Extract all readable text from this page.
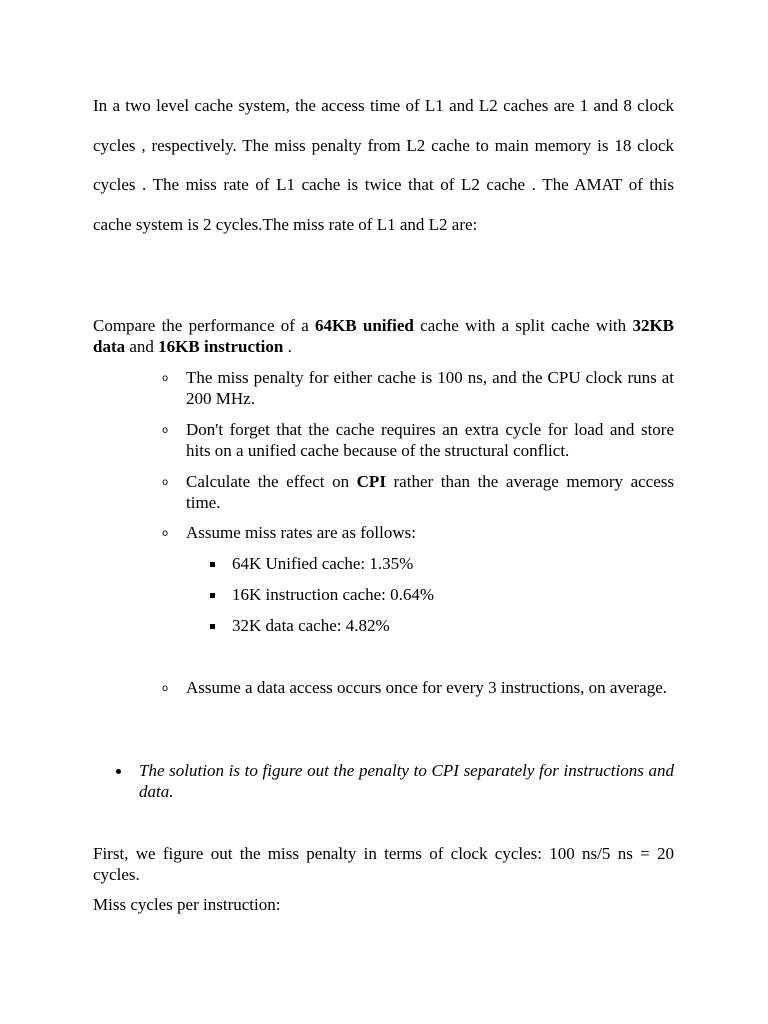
In a two level cache system, the access time of L1 and L2 caches are 1 and 8 clock cycles , respectively. The miss penalty from L2 cache to main memory is 18 clock cycles . The miss rate of L1 cache is twice that of L2 cache . The AMAT of this cache system is 2 cycles.The miss rate of L1 and L2 are:

Compare the performance of a 64KB unified cache with a split cache with 32KB data and 16KB instruction .

o The miss penalty for either cache is 100 ns, and the CPU clock runs at 200 MHz.

o Don't forget that the cache requires an extra cycle for load and store hits on a unified cache because of the structural conflict.

o Calculate the effect on CPI rather than the average memory access time.

o Assume miss rates are as follows:

64K Unified cache: 1.35%

16K instruction cache: 0.64%

32K data cache: 4.82%

o Assume a data access occurs once for every 3 instructions, on average.

The solution is to figure out the penalty to CPI separately for instructions and data.

First, we figure out the miss penalty in terms of clock cycles: 100 ns/5 ns = 20 cycles.

Miss cycles per instruction:
